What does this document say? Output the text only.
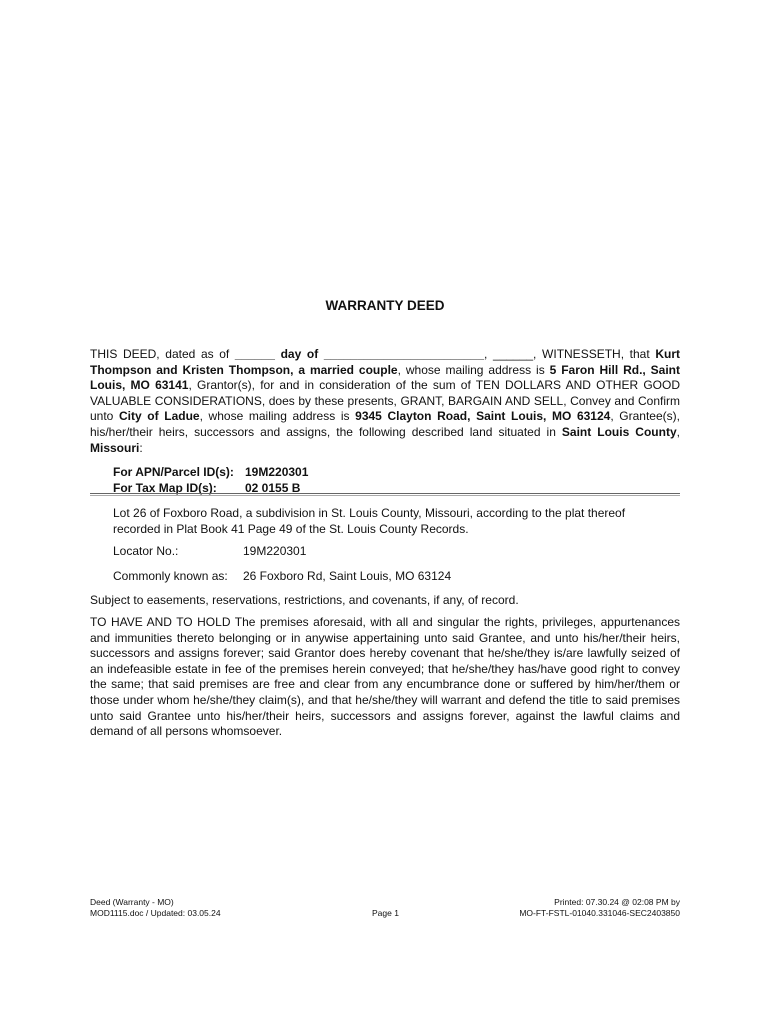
WARRANTY DEED
THIS DEED, dated as of ______ day of ________________________, ______, WITNESSETH, that Kurt Thompson and Kristen Thompson, a married couple, whose mailing address is 5 Faron Hill Rd., Saint Louis, MO 63141, Grantor(s), for and in consideration of the sum of TEN DOLLARS AND OTHER GOOD VALUABLE CONSIDERATIONS, does by these presents, GRANT, BARGAIN AND SELL, Convey and Confirm unto City of Ladue, whose mailing address is 9345 Clayton Road, Saint Louis, MO 63124, Grantee(s), his/her/their heirs, successors and assigns, the following described land situated in Saint Louis County, Missouri:
For APN/Parcel ID(s): 19M220301
For Tax Map ID(s): 02 0155 B
Lot 26 of Foxboro Road, a subdivision in St. Louis County, Missouri, according to the plat thereof recorded in Plat Book 41 Page 49 of the St. Louis County Records.
Locator No.:	19M220301
Commonly known as: 26 Foxboro Rd, Saint Louis, MO 63124
Subject to easements, reservations, restrictions, and covenants, if any, of record.
TO HAVE AND TO HOLD The premises aforesaid, with all and singular the rights, privileges, appurtenances and immunities thereto belonging or in anywise appertaining unto said Grantee, and unto his/her/their heirs, successors and assigns forever; said Grantor does hereby covenant that he/she/they is/are lawfully seized of an indefeasible estate in fee of the premises herein conveyed; that he/she/they has/have good right to convey the same; that said premises are free and clear from any encumbrance done or suffered by him/her/them or those under whom he/she/they claim(s), and that he/she/they will warrant and defend the title to said premises unto said Grantee unto his/her/their heirs, successors and assigns forever, against the lawful claims and demand of all persons whomsoever.
Deed (Warranty - MO)
MOD1115.doc / Updated: 03.05.24	Page 1
Printed: 07.30.24 @ 02:08 PM by
MO-FT-FSTL-01040.331046-SEC2403850
